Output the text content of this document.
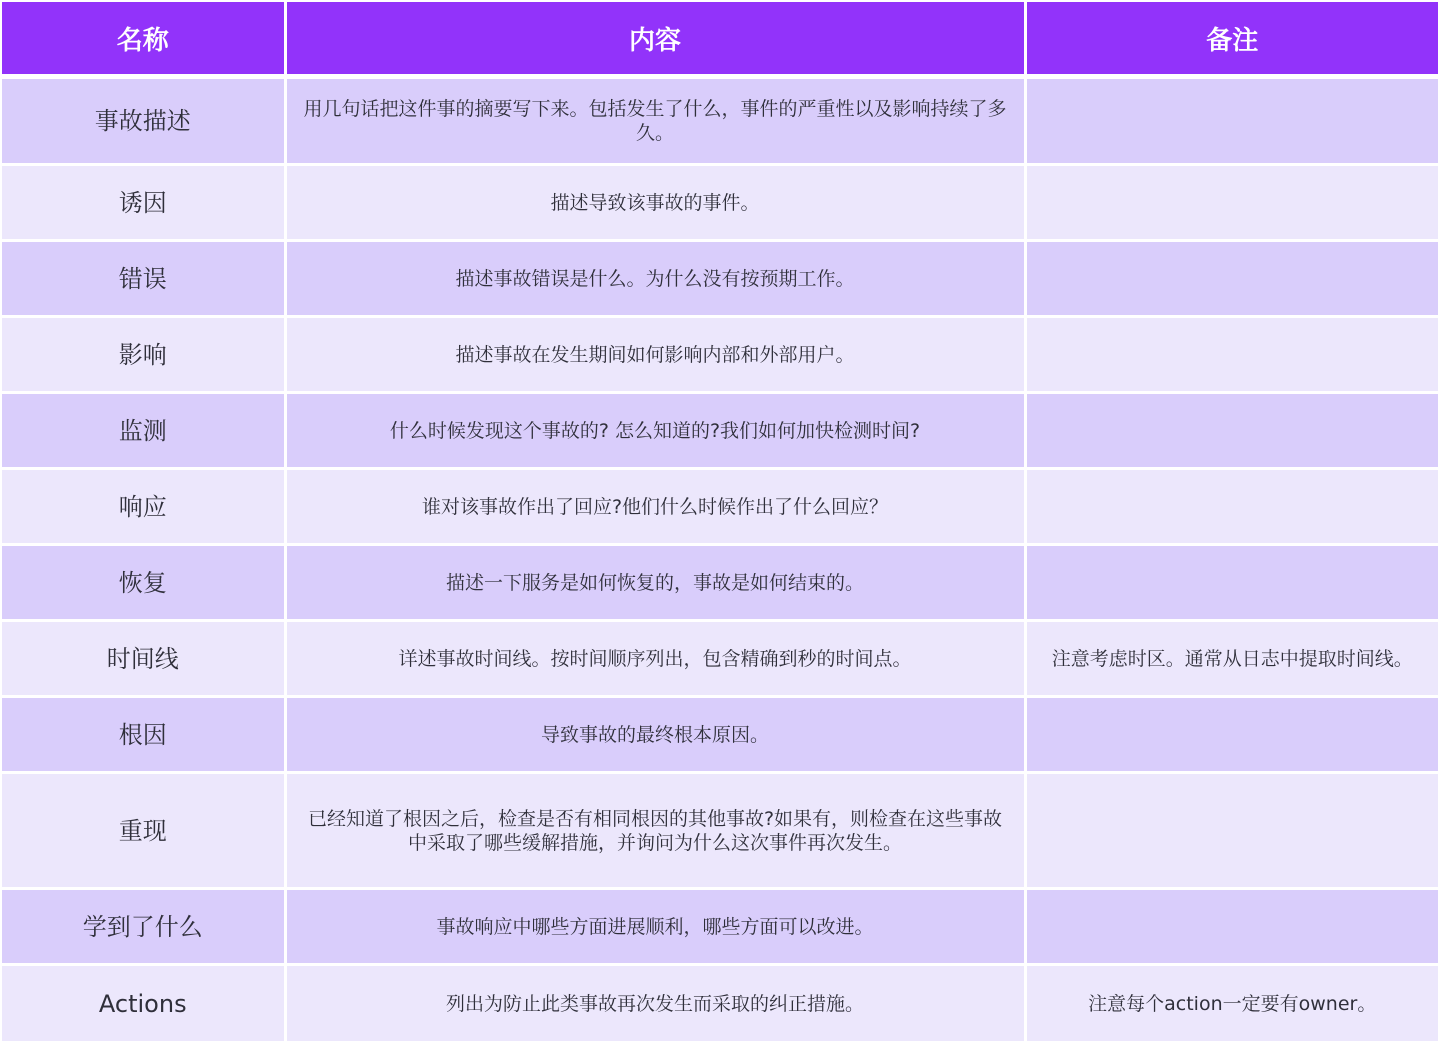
名称	内容	备注
事故描述	用几句话把这件事的摘要写下来。包括发生了什么，事件的严重性以及影响持续了多久。	
诱因	描述导致该事故的事件。	
错误	描述事故错误是什么。为什么没有按预期工作。	
影响	描述事故在发生期间如何影响内部和外部用户。	
监测	什么时候发现这个事故的? 怎么知道的?我们如何加快检测时间?	
响应	谁对该事故作出了回应?他们什么时候作出了什么回应？	
恢复	描述一下服务是如何恢复的，事故是如何结束的。	
时间线	详述事故时间线。按时间顺序列出，包含精确到秒的时间点。	注意考虑时区。通常从日志中提取时间线。
根因	导致事故的最终根本原因。	
重现	已经知道了根因之后，检查是否有相同根因的其他事故?如果有，则检查在这些事故中采取了哪些缓解措施，并询问为什么这次事件再次发生。	
学到了什么	事故响应中哪些方面进展顺利，哪些方面可以改进。	
Actions	列出为防止此类事故再次发生而采取的纠正措施。	注意每个action一定要有owner。
